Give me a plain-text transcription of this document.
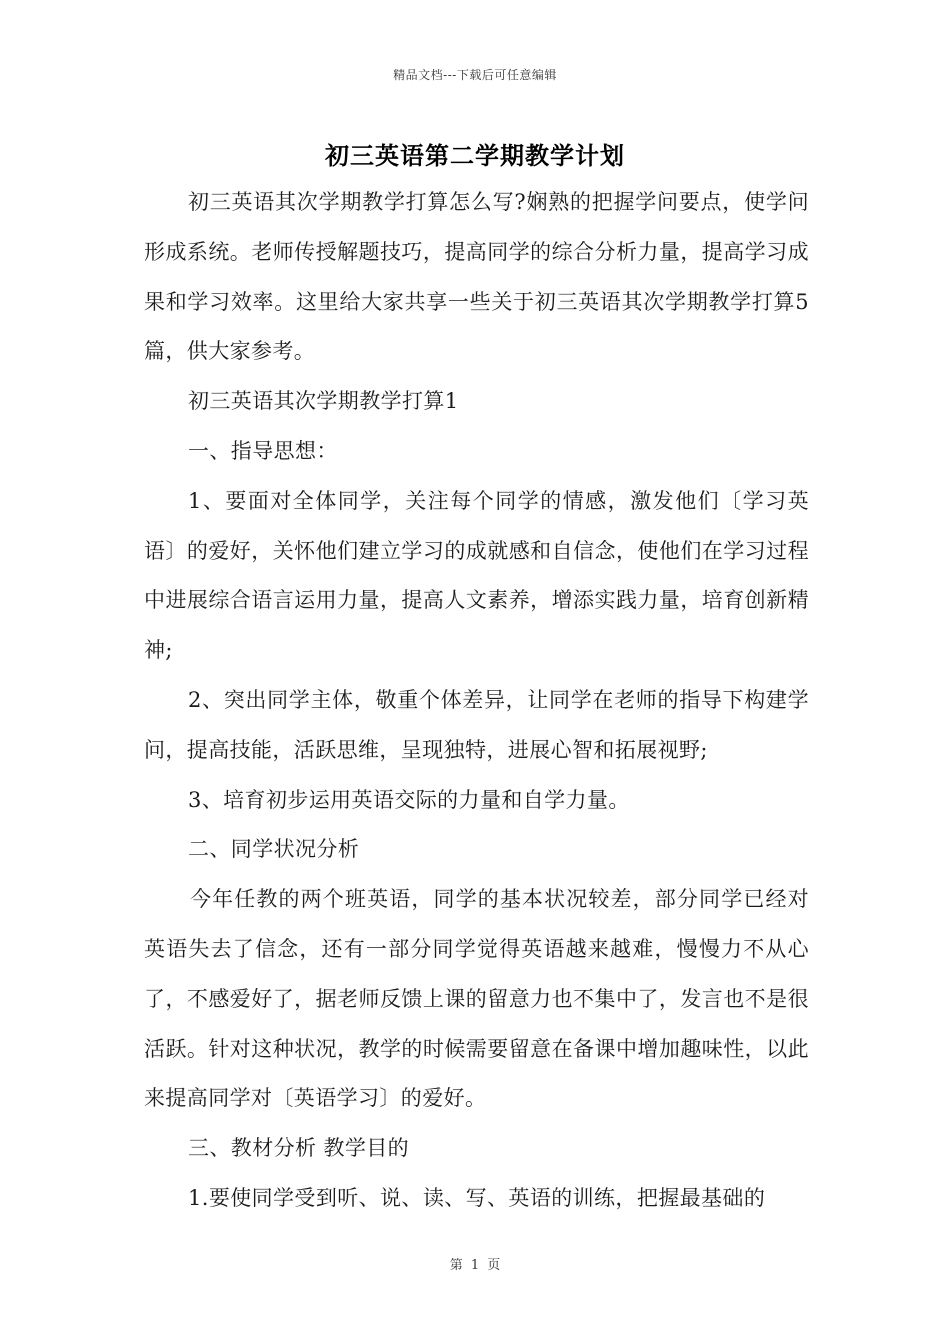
精品文档---下载后可任意编辑
初三英语第二学期教学计划

初三英语其次学期教学打算怎么写?娴熟的把握学问要点，使学问形成系统。老师传授解题技巧，提高同学的综合分析力量，提高学习成果和学习效率。这里给大家共享一些关于初三英语其次学期教学打算5篇，供大家参考。

初三英语其次学期教学打算1

一、指导思想：

1、要面对全体同学，关注每个同学的情感，激发他们〔学习英语〕的爱好，关怀他们建立学习的成就感和自信念，使他们在学习过程中进展综合语言运用力量，提高人文素养，增添实践力量，培育创新精神;

2、突出同学主体，敬重个体差异，让同学在老师的指导下构建学问，提高技能，活跃思维，呈现独特，进展心智和拓展视野;

3、培育初步运用英语交际的力量和自学力量。

二、同学状况分析

今年任教的两个班英语，同学的基本状况较差，部分同学已经对英语失去了信念，还有一部分同学觉得英语越来越难，慢慢力不从心了，不感爱好了，据老师反馈上课的留意力也不集中了，发言也不是很活跃。针对这种状况，教学的时候需要留意在备课中增加趣味性，以此来提高同学对〔英语学习〕的爱好。

三、教材分析 教学目的

1.要使同学受到听、说、读、写、英语的训练，把握最基础的

第 1 页
